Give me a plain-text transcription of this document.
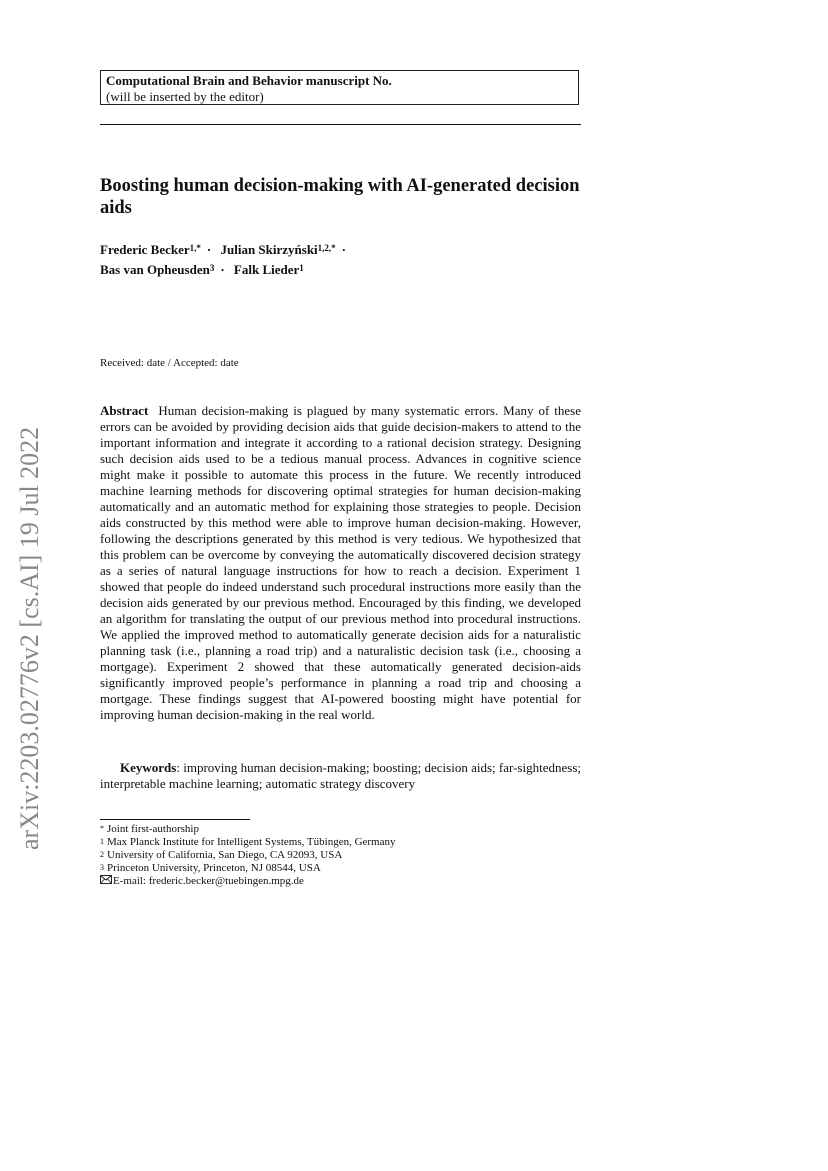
arXiv:2203.02776v2 [cs.AI] 19 Jul 2022
Computational Brain and Behavior manuscript No.
(will be inserted by the editor)
Boosting human decision-making with AI-generated decision aids
Frederic Becker$^{1,*}$ · Julian Skirzyński$^{1,2,*}$ ·
Bas van Opheusden$^3$ · Falk Lieder$^1$
Received: date / Accepted: date

Abstract Human decision-making is plagued by many systematic errors. Many of these errors can be avoided by providing decision aids that guide decision-makers to attend to the important information and integrate it according to a rational decision strategy. Designing such decision aids used to be a tedious manual process. Advances in cognitive science might make it possible to automate this process in the future. We recently introduced machine learning methods for discovering optimal strategies for human decision-making automatically and an automatic method for explaining those strategies to people. Decision aids constructed by this method were able to improve human decision-making. However, following the descriptions generated by this method is very tedious. We hypothesized that this problem can be overcome by conveying the automatically discovered decision strategy as a series of natural language instructions for how to reach a decision. Experiment 1 showed that people do indeed understand such procedural instructions more easily than the decision aids generated by our previous method. Encouraged by this finding, we developed an algorithm for translating the output of our previous method into procedural instructions. We applied the improved method to automatically generate decision aids for a naturalistic planning task (i.e., planning a road trip) and a naturalistic decision task (i.e., choosing a mortgage). Experiment 2 showed that these automatically generated decision-aids significantly improved people’s performance in planning a road trip and choosing a mortgage. These findings suggest that AI-powered boosting might have potential for improving human decision-making in the real world.

Keywords: improving human decision-making; boosting; decision aids; far-sightedness; interpretable machine learning; automatic strategy discovery

* Joint first-authorship
$^1$ Max Planck Institute for Intelligent Systems, Tübingen, Germany
$^2$ University of California, San Diego, CA 92093, USA
$^3$ Princeton University, Princeton, NJ 08544, USA
E-mail: frederic.becker@tuebingen.mpg.de
